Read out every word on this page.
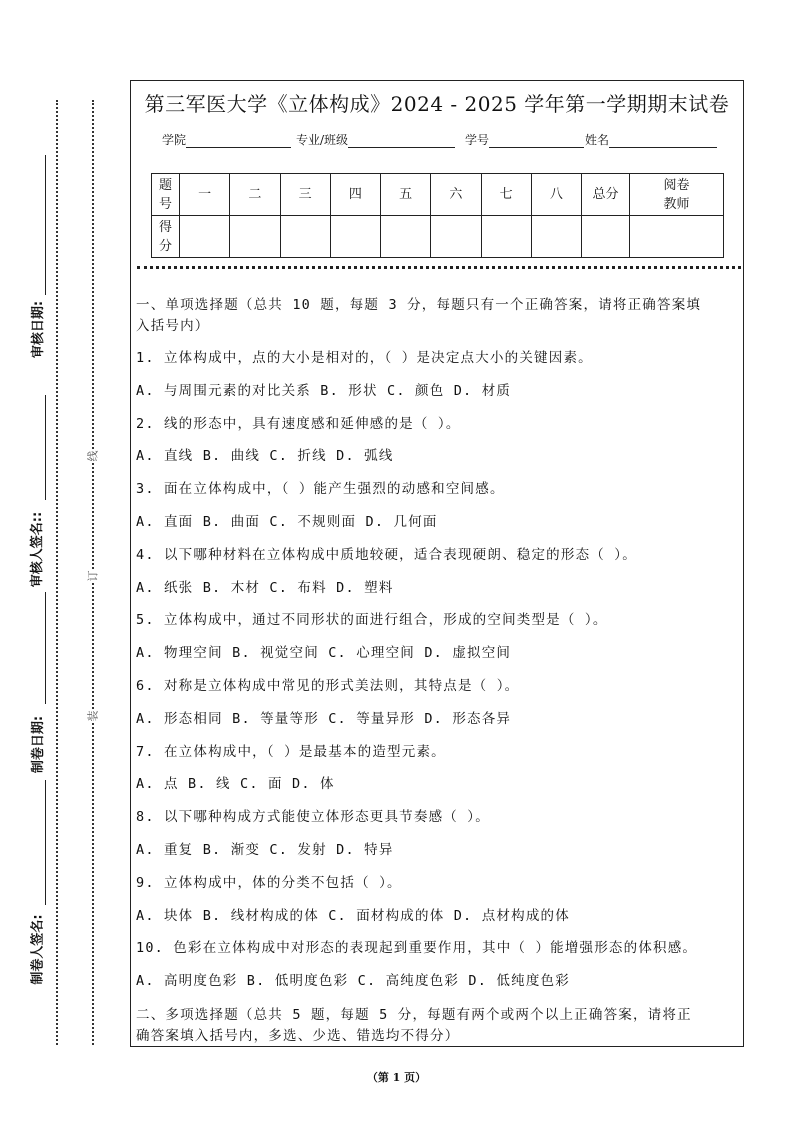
审核日期:
审核人签名::
制卷日期:
制卷人签名:
线
订
装
第三军医大学《立体构成》2024 - 2025 学年第一学期期末试卷
学院	专业/班级	学号	姓名
题
号	一	二	三	四	五	六	七	八	总分	阅卷
教师
得
分										
一、单项选择题（总共 10 题，每题 3 分，每题只有一个正确答案，请将正确答案填
入括号内）
1. 立体构成中，点的大小是相对的，（ ）是决定点大小的关键因素。
A. 与周围元素的对比关系 B. 形状 C. 颜色 D. 材质
2. 线的形态中，具有速度感和延伸感的是（ ）。
A. 直线 B. 曲线 C. 折线 D. 弧线
3. 面在立体构成中，（ ）能产生强烈的动感和空间感。
A. 直面 B. 曲面 C. 不规则面 D. 几何面
4. 以下哪种材料在立体构成中质地较硬，适合表现硬朗、稳定的形态（ ）。
A. 纸张 B. 木材 C. 布料 D. 塑料
5. 立体构成中，通过不同形状的面进行组合，形成的空间类型是（ ）。
A. 物理空间 B. 视觉空间 C. 心理空间 D. 虚拟空间
6. 对称是立体构成中常见的形式美法则，其特点是（ ）。
A. 形态相同 B. 等量等形 C. 等量异形 D. 形态各异
7. 在立体构成中，（ ）是最基本的造型元素。
A. 点 B. 线 C. 面 D. 体
8. 以下哪种构成方式能使立体形态更具节奏感（ ）。
A. 重复 B. 渐变 C. 发射 D. 特异
9. 立体构成中，体的分类不包括（ ）。
A. 块体 B. 线材构成的体 C. 面材构成的体 D. 点材构成的体
10. 色彩在立体构成中对形态的表现起到重要作用，其中（ ）能增强形态的体积感。
A. 高明度色彩 B. 低明度色彩 C. 高纯度色彩 D. 低纯度色彩
二、多项选择题（总共 5 题，每题 5 分，每题有两个或两个以上正确答案，请将正
确答案填入括号内，多选、少选、错选均不得分）
（第 1 页）
